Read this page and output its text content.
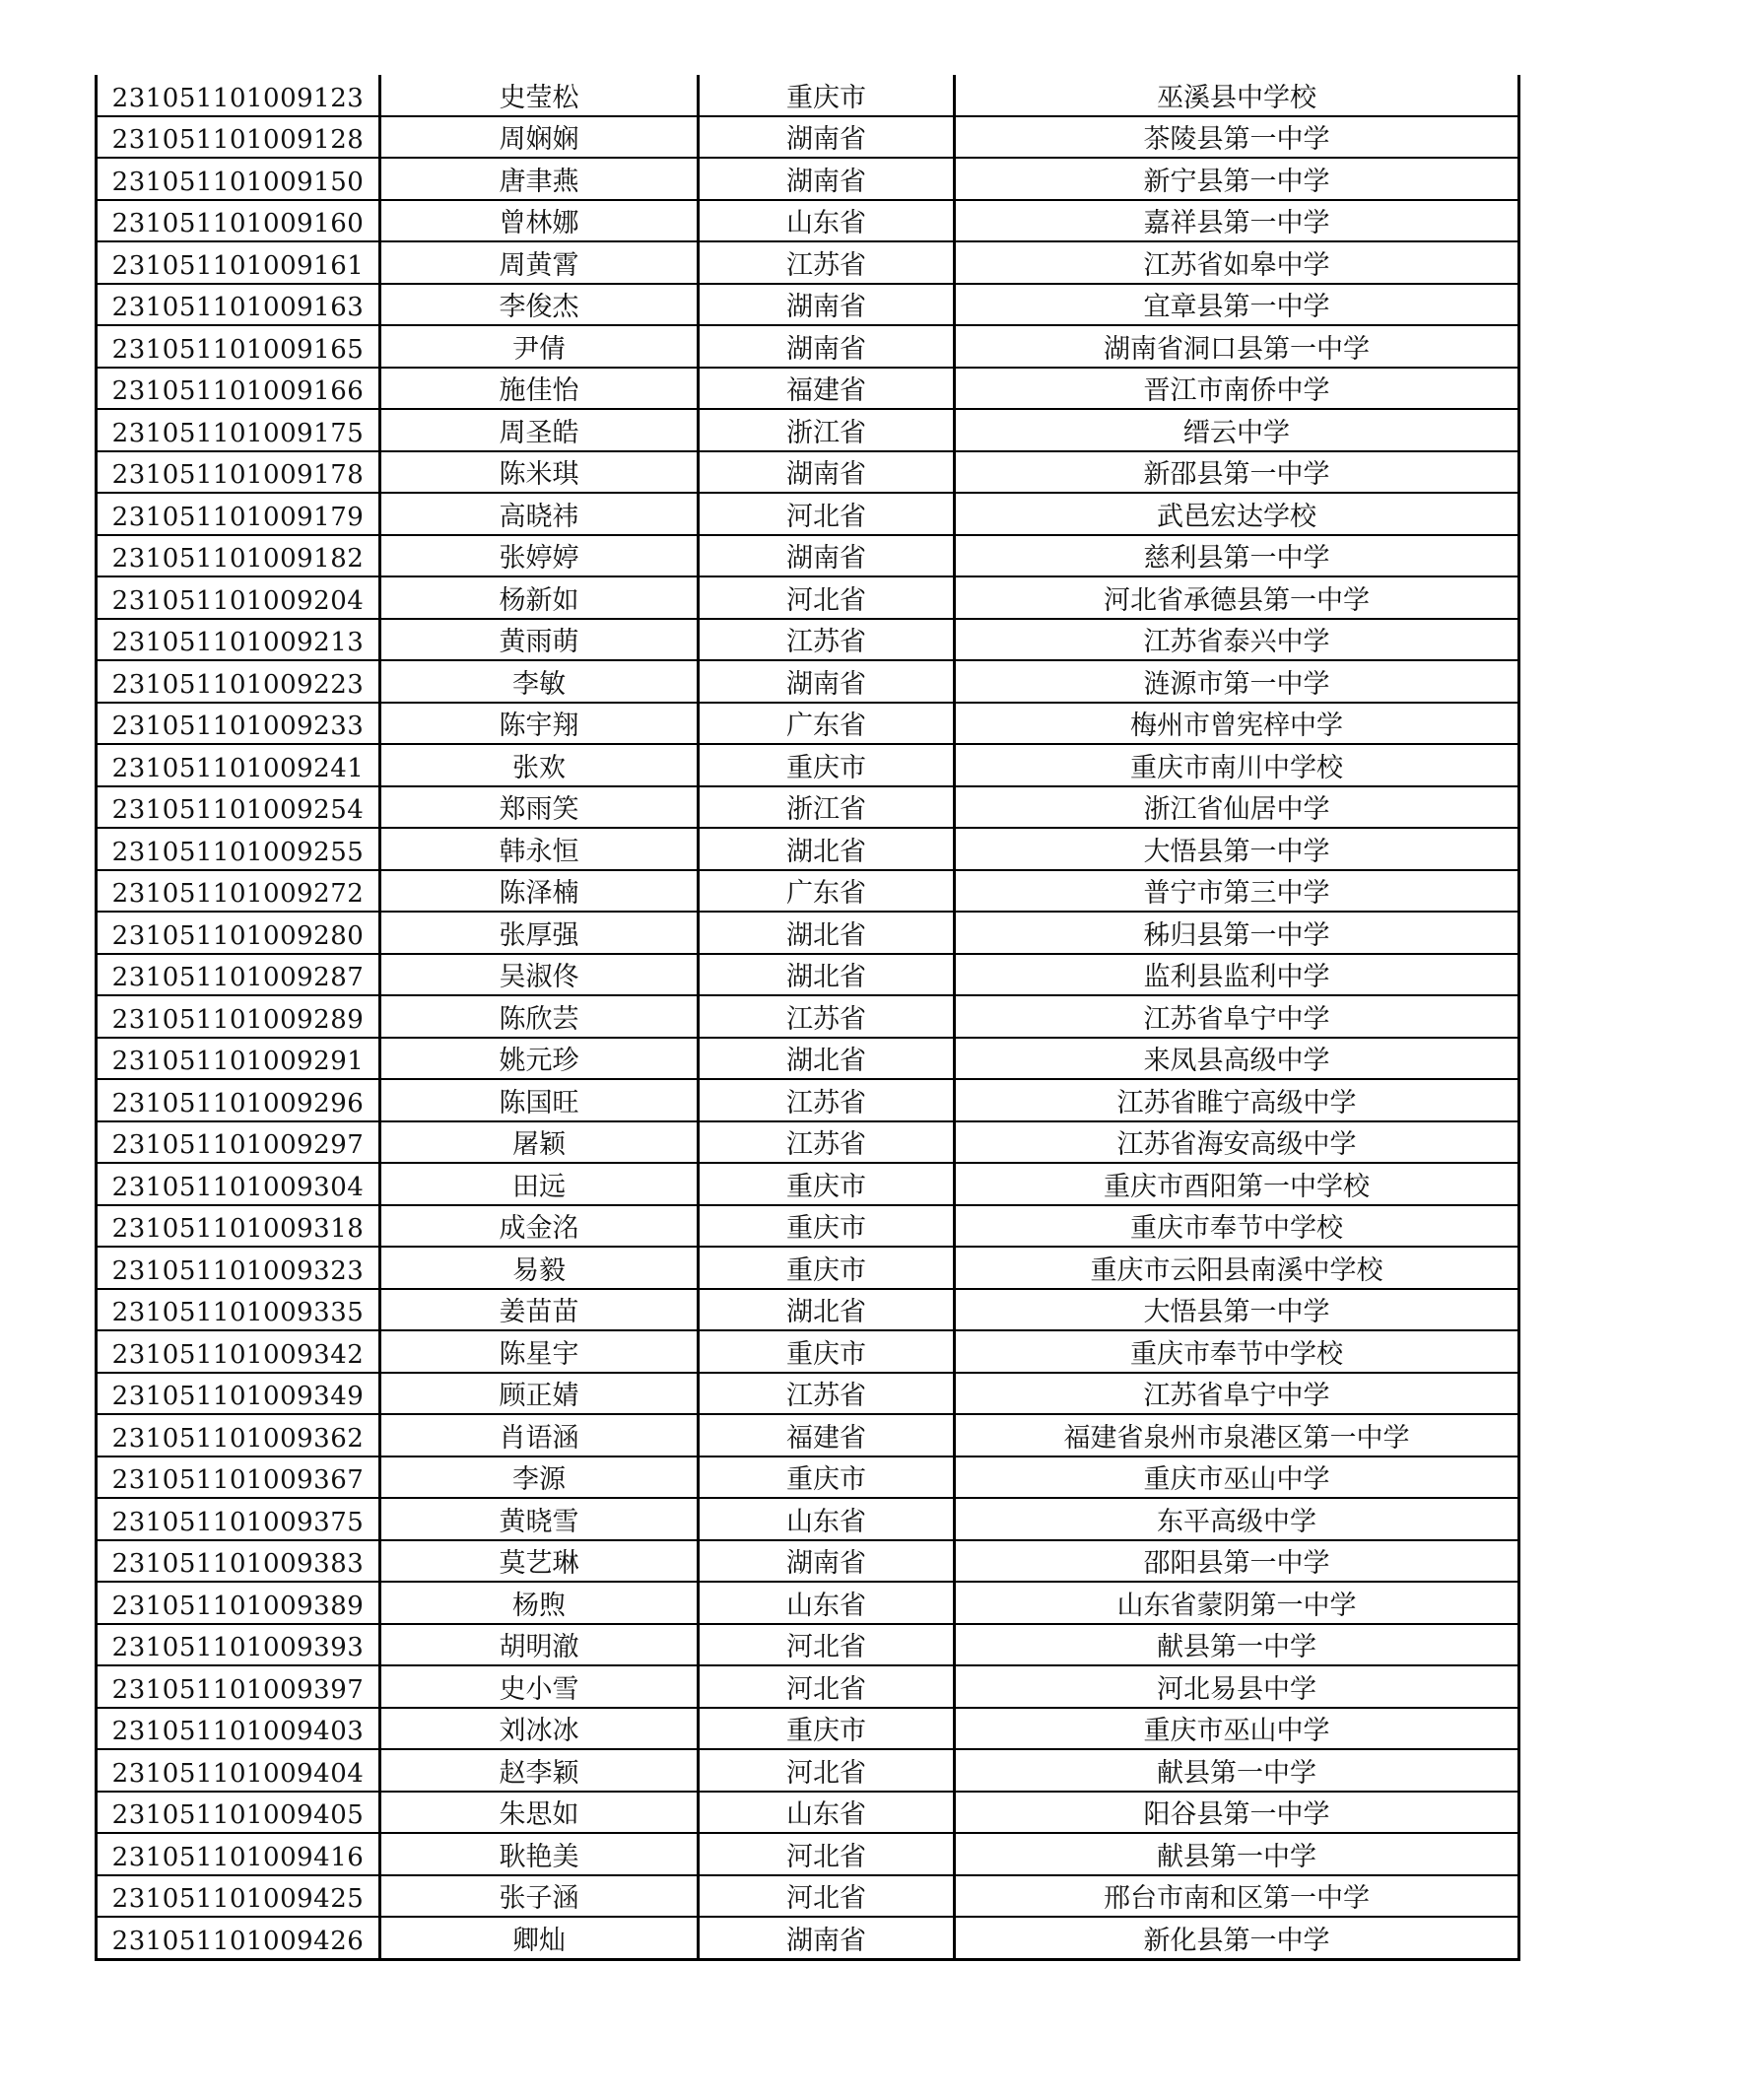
231051101009123	史莹松	重庆市	巫溪县中学校
231051101009128	周娴娴	湖南省	茶陵县第一中学
231051101009150	唐聿燕	湖南省	新宁县第一中学
231051101009160	曾林娜	山东省	嘉祥县第一中学
231051101009161	周黄霄	江苏省	江苏省如皋中学
231051101009163	李俊杰	湖南省	宜章县第一中学
231051101009165	尹倩	湖南省	湖南省洞口县第一中学
231051101009166	施佳怡	福建省	晋江市南侨中学
231051101009175	周圣皓	浙江省	缙云中学
231051101009178	陈米琪	湖南省	新邵县第一中学
231051101009179	高晓祎	河北省	武邑宏达学校
231051101009182	张婷婷	湖南省	慈利县第一中学
231051101009204	杨新如	河北省	河北省承德县第一中学
231051101009213	黄雨萌	江苏省	江苏省泰兴中学
231051101009223	李敏	湖南省	涟源市第一中学
231051101009233	陈宇翔	广东省	梅州市曾宪梓中学
231051101009241	张欢	重庆市	重庆市南川中学校
231051101009254	郑雨笑	浙江省	浙江省仙居中学
231051101009255	韩永恒	湖北省	大悟县第一中学
231051101009272	陈泽楠	广东省	普宁市第三中学
231051101009280	张厚强	湖北省	秭归县第一中学
231051101009287	吴淑佟	湖北省	监利县监利中学
231051101009289	陈欣芸	江苏省	江苏省阜宁中学
231051101009291	姚元珍	湖北省	来凤县高级中学
231051101009296	陈国旺	江苏省	江苏省睢宁高级中学
231051101009297	屠颖	江苏省	江苏省海安高级中学
231051101009304	田远	重庆市	重庆市酉阳第一中学校
231051101009318	成金洺	重庆市	重庆市奉节中学校
231051101009323	易毅	重庆市	重庆市云阳县南溪中学校
231051101009335	姜苗苗	湖北省	大悟县第一中学
231051101009342	陈星宇	重庆市	重庆市奉节中学校
231051101009349	顾正婧	江苏省	江苏省阜宁中学
231051101009362	肖语涵	福建省	福建省泉州市泉港区第一中学
231051101009367	李源	重庆市	重庆市巫山中学
231051101009375	黄晓雪	山东省	东平高级中学
231051101009383	莫艺琳	湖南省	邵阳县第一中学
231051101009389	杨煦	山东省	山东省蒙阴第一中学
231051101009393	胡明澈	河北省	献县第一中学
231051101009397	史小雪	河北省	河北易县中学
231051101009403	刘冰冰	重庆市	重庆市巫山中学
231051101009404	赵李颖	河北省	献县第一中学
231051101009405	朱思如	山东省	阳谷县第一中学
231051101009416	耿艳美	河北省	献县第一中学
231051101009425	张子涵	河北省	邢台市南和区第一中学
231051101009426	卿灿	湖南省	新化县第一中学
